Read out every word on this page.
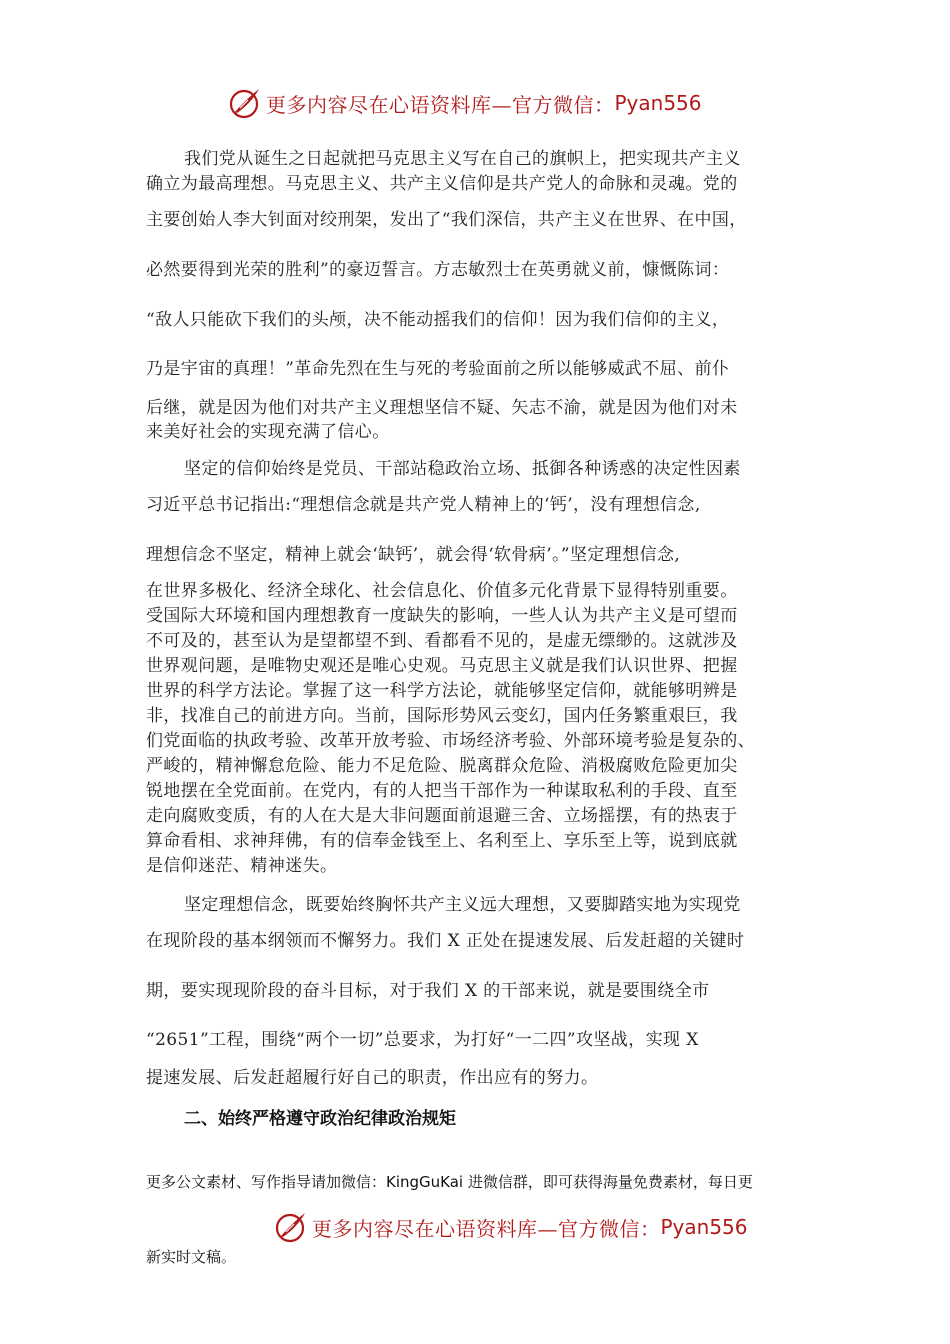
更多内容尽在心语资料库—官方微信： Pyan556
我们党从诞生之日起就把马克思主义写在自己的旗帜上，把实现共产主义
确立为最高理想。马克思主义、共产主义信仰是共产党人的命脉和灵魂。党的
主要创始人李大钊面对绞刑架，发出了“我们深信，共产主义在世界、在中国，
必然要得到光荣的胜利”的豪迈誓言。方志敏烈士在英勇就义前，慷慨陈词：
“敌人只能砍下我们的头颅，决不能动摇我们的信仰！因为我们信仰的主义，
乃是宇宙的真理！”革命先烈在生与死的考验面前之所以能够威武不屈、前仆
后继，就是因为他们对共产主义理想坚信不疑、矢志不渝，就是因为他们对未
来美好社会的实现充满了信心。
坚定的信仰始终是党员、干部站稳政治立场、抵御各种诱惑的决定性因素
习近平总书记指出:“理想信念就是共产党人精神上的‘钙’，没有理想信念,
理想信念不坚定，精神上就会‘缺钙’，就会得‘软骨病’。”坚定理想信念,
在世界多极化、经济全球化、社会信息化、价值多元化背景下显得特别重要。
受国际大环境和国内理想教育一度缺失的影响，一些人认为共产主义是可望而
不可及的，甚至认为是望都望不到、看都看不见的，是虚无缥缈的。这就涉及
世界观问题，是唯物史观还是唯心史观。马克思主义就是我们认识世界、把握
世界的科学方法论。掌握了这一科学方法论，就能够坚定信仰，就能够明辨是
非，找准自己的前进方向。当前，国际形势风云变幻，国内任务繁重艰巨，我
们党面临的执政考验、改革开放考验、市场经济考验、外部环境考验是复杂的、
严峻的，精神懈怠危险、能力不足危险、脱离群众危险、消极腐败危险更加尖
锐地摆在全党面前。在党内，有的人把当干部作为一种谋取私利的手段、直至
走向腐败变质，有的人在大是大非问题面前退避三舍、立场摇摆，有的热衷于
算命看相、求神拜佛，有的信奉金钱至上、名利至上、享乐至上等，说到底就
是信仰迷茫、精神迷失。
坚定理想信念，既要始终胸怀共产主义远大理想，又要脚踏实地为实现党
在现阶段的基本纲领而不懈努力。我们 X 正处在提速发展、后发赶超的关键时
期，要实现现阶段的奋斗目标，对于我们 X 的干部来说，就是要围绕全市
“2651”工程，围绕“两个一切”总要求，为打好“一二四”攻坚战，实现 X
提速发展、后发赶超履行好自己的职责，作出应有的努力。
二、始终严格遵守政治纪律政治规矩
更多公文素材、写作指导请加微信：KingGuKai 进微信群，即可获得海量免费素材，每日更
更多内容尽在心语资料库—官方微信： Pyan556
新实时文稿。
